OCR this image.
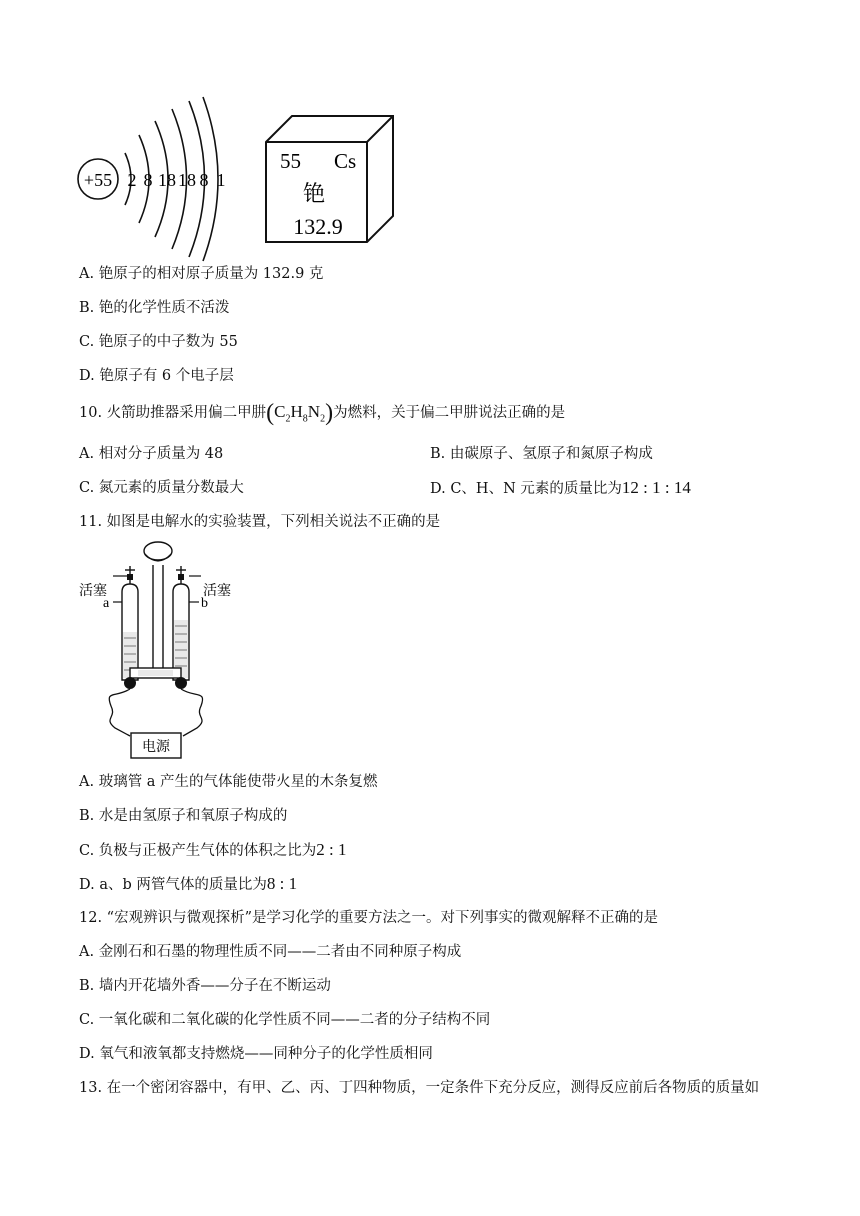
+55 2 8 18 18 8 1
55 Cs
铯
132.9
A. 铯原子的相对原子质量为 132.9 克
B. 铯的化学性质不活泼
C. 铯原子的中子数为 55
D. 铯原子有 6 个电子层
10. 火箭助推器采用偏二甲肼$(C_2H_8N_2)$为燃料，关于偏二甲肼说法正确的是
A. 相对分子质量为 48	B. 由碳原子、氢原子和氮原子构成
C. 氮元素的质量分数最大	D. C、H、N 元素的质量比为12 : 1 : 14
11. 如图是电解水的实验装置，下列相关说法不正确的是
电源
活塞	活塞
a	b
A. 玻璃管 a 产生的气体能使带火星的木条复燃
B. 水是由氢原子和氧原子构成的
C. 负极与正极产生气体的体积之比为2 : 1
D. a、b 两管气体的质量比为8 : 1
12. “宏观辨识与微观探析”是学习化学的重要方法之一。对下列事实的微观解释不正确的是
A. 金刚石和石墨的物理性质不同——二者由不同种原子构成
B. 墙内开花墙外香——分子在不断运动
C. 一氧化碳和二氧化碳的化学性质不同——二者的分子结构不同
D. 氧气和液氧都支持燃烧——同种分子的化学性质相同
13. 在一个密闭容器中，有甲、乙、丙、丁四种物质，一定条件下充分反应，测得反应前后各物质的质量如
